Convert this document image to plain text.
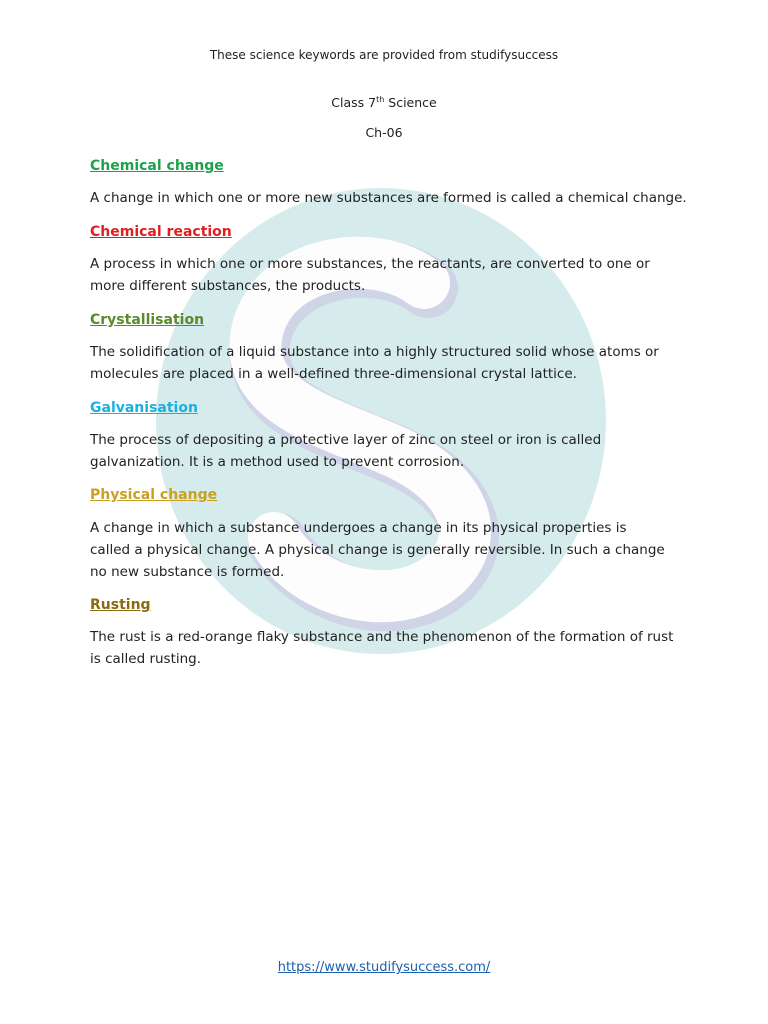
These science keywords are provided from studifysuccess
Class 7th Science
Ch-06

Chemical change

A change in which one or more new substances are formed is called a chemical change.

Chemical reaction

A process in which one or more substances, the reactants, are converted to one or more different substances, the products.

Crystallisation

The solidification of a liquid substance into a highly structured solid whose atoms or molecules are placed in a well-defined three-dimensional crystal lattice.

Galvanisation

The process of depositing a protective layer of zinc on steel or iron is called galvanization. It is a method used to prevent corrosion.

Physical change

A change in which a substance undergoes a change in its physical properties is called a physical change. A physical change is generally reversible. In such a change no new substance is formed.

Rusting

The rust is a red-orange flaky substance and the phenomenon of the formation of rust is called rusting.

https://www.studifysuccess.com/
